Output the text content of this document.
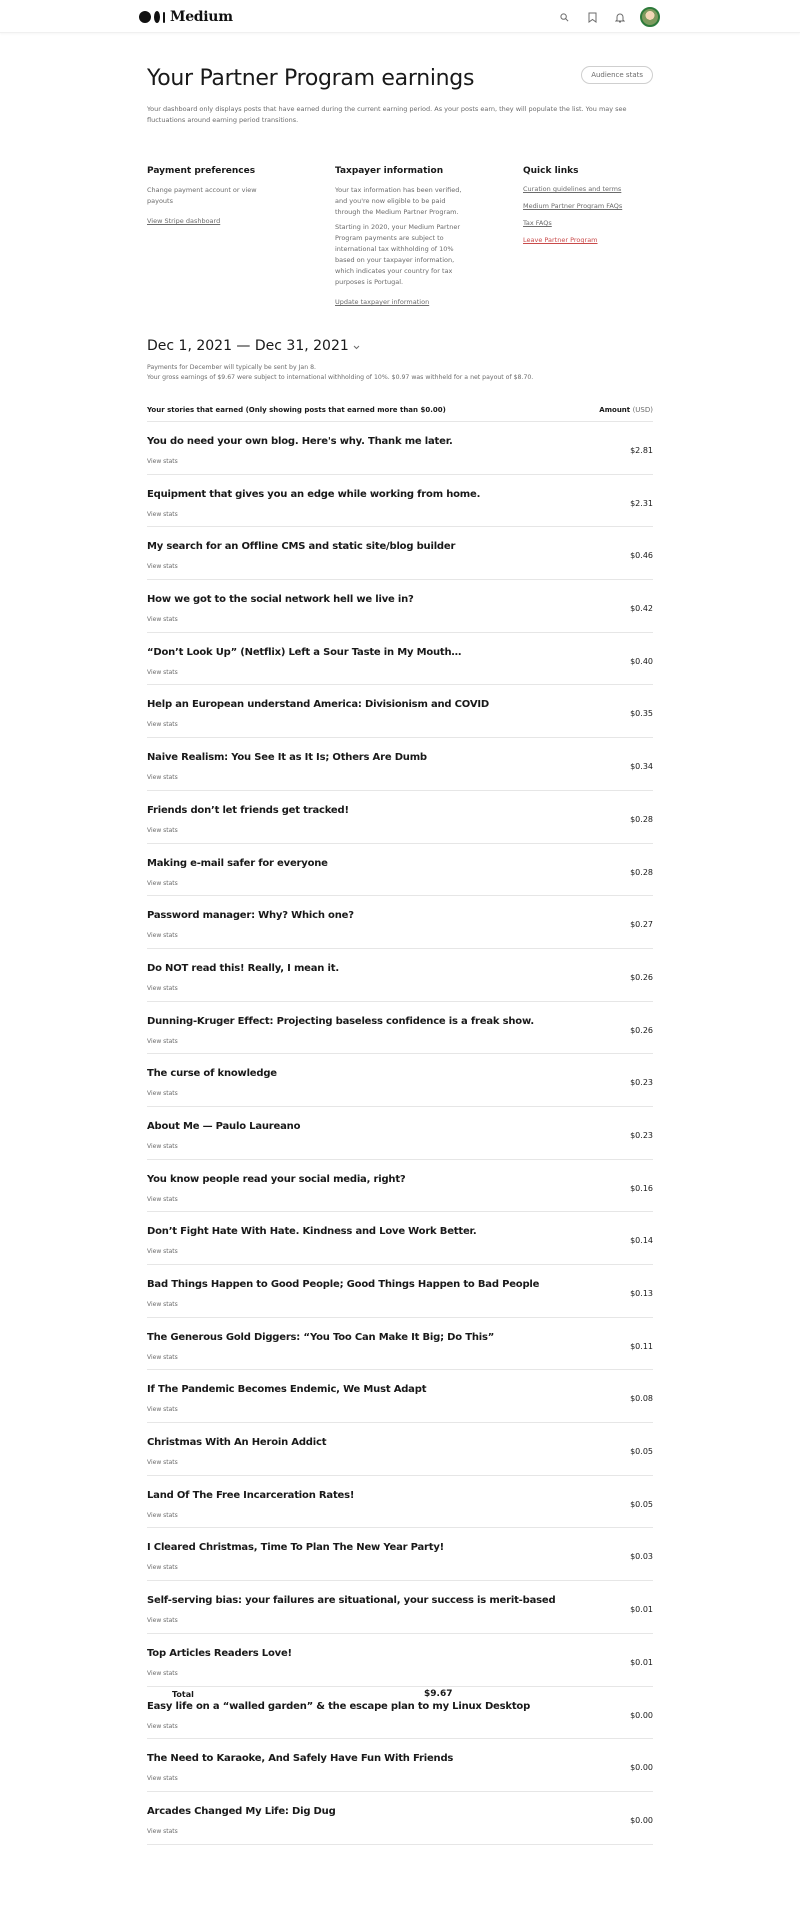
Medium
Your Partner Program earnings	Audience stats

Your dashboard only displays posts that have earned during the current earning period. As your posts earn, they will populate the list. You may see fluctuations around earning period transitions.

Payment preferences

Change payment account or view payouts

View Stripe dashboard
Taxpayer information

Your tax information has been verified, and you're now eligible to be paid through the Medium Partner Program.

Starting in 2020, your Medium Partner Program payments are subject to international tax withholding of 10% based on your taxpayer information, which indicates your country for tax purposes is Portugal.

Update taxpayer information
Quick links
Curation guidelines and terms
Medium Partner Program FAQs
Tax FAQs
Leave Partner Program
Dec 1, 2021 — Dec 31, 2021

Payments for December will typically be sent by Jan 8.

Your gross earnings of $9.67 were subject to international withholding of 10%. $0.97 was withheld for a net payout of $8.70.

Your stories that earned (Only showing posts that earned more than $0.00)	Amount (USD)
You do need your own blog. Here's why. Thank me later.
View stats
$2.81
Equipment that gives you an edge while working from home.
View stats
$2.31
My search for an Offline CMS and static site/blog builder
View stats
$0.46
How we got to the social network hell we live in?
View stats
$0.42
“Don’t Look Up” (Netflix) Left a Sour Taste in My Mouth…
View stats
$0.40
Help an European understand America: Divisionism and COVID
View stats
$0.35
Naive Realism: You See It as It Is; Others Are Dumb
View stats
$0.34
Friends don’t let friends get tracked!
View stats
$0.28
Making e-mail safer for everyone
View stats
$0.28
Password manager: Why? Which one?
View stats
$0.27
Do NOT read this! Really, I mean it.
View stats
$0.26
Dunning-Kruger Effect: Projecting baseless confidence is a freak show.
View stats
$0.26
The curse of knowledge
View stats
$0.23
About Me — Paulo Laureano
View stats
$0.23
You know people read your social media, right?
View stats
$0.16
Don’t Fight Hate With Hate. Kindness and Love Work Better.
View stats
$0.14
Bad Things Happen to Good People; Good Things Happen to Bad People
View stats
$0.13
The Generous Gold Diggers: “You Too Can Make It Big; Do This”
View stats
$0.11
If The Pandemic Becomes Endemic, We Must Adapt
View stats
$0.08
Christmas With An Heroin Addict
View stats
$0.05
Land Of The Free Incarceration Rates!
View stats
$0.05
I Cleared Christmas, Time To Plan The New Year Party!
View stats
$0.03
Self-serving bias: your failures are situational, your success is merit-based
View stats
$0.01
Top Articles Readers Love!
View stats
$0.01
Easy life on a “walled garden” & the escape plan to my Linux Desktop
View stats
$0.00
The Need to Karaoke, And Safely Have Fun With Friends
View stats
$0.00
Arcades Changed My Life: Dig Dug
View stats
$0.00
Total	$9.67
